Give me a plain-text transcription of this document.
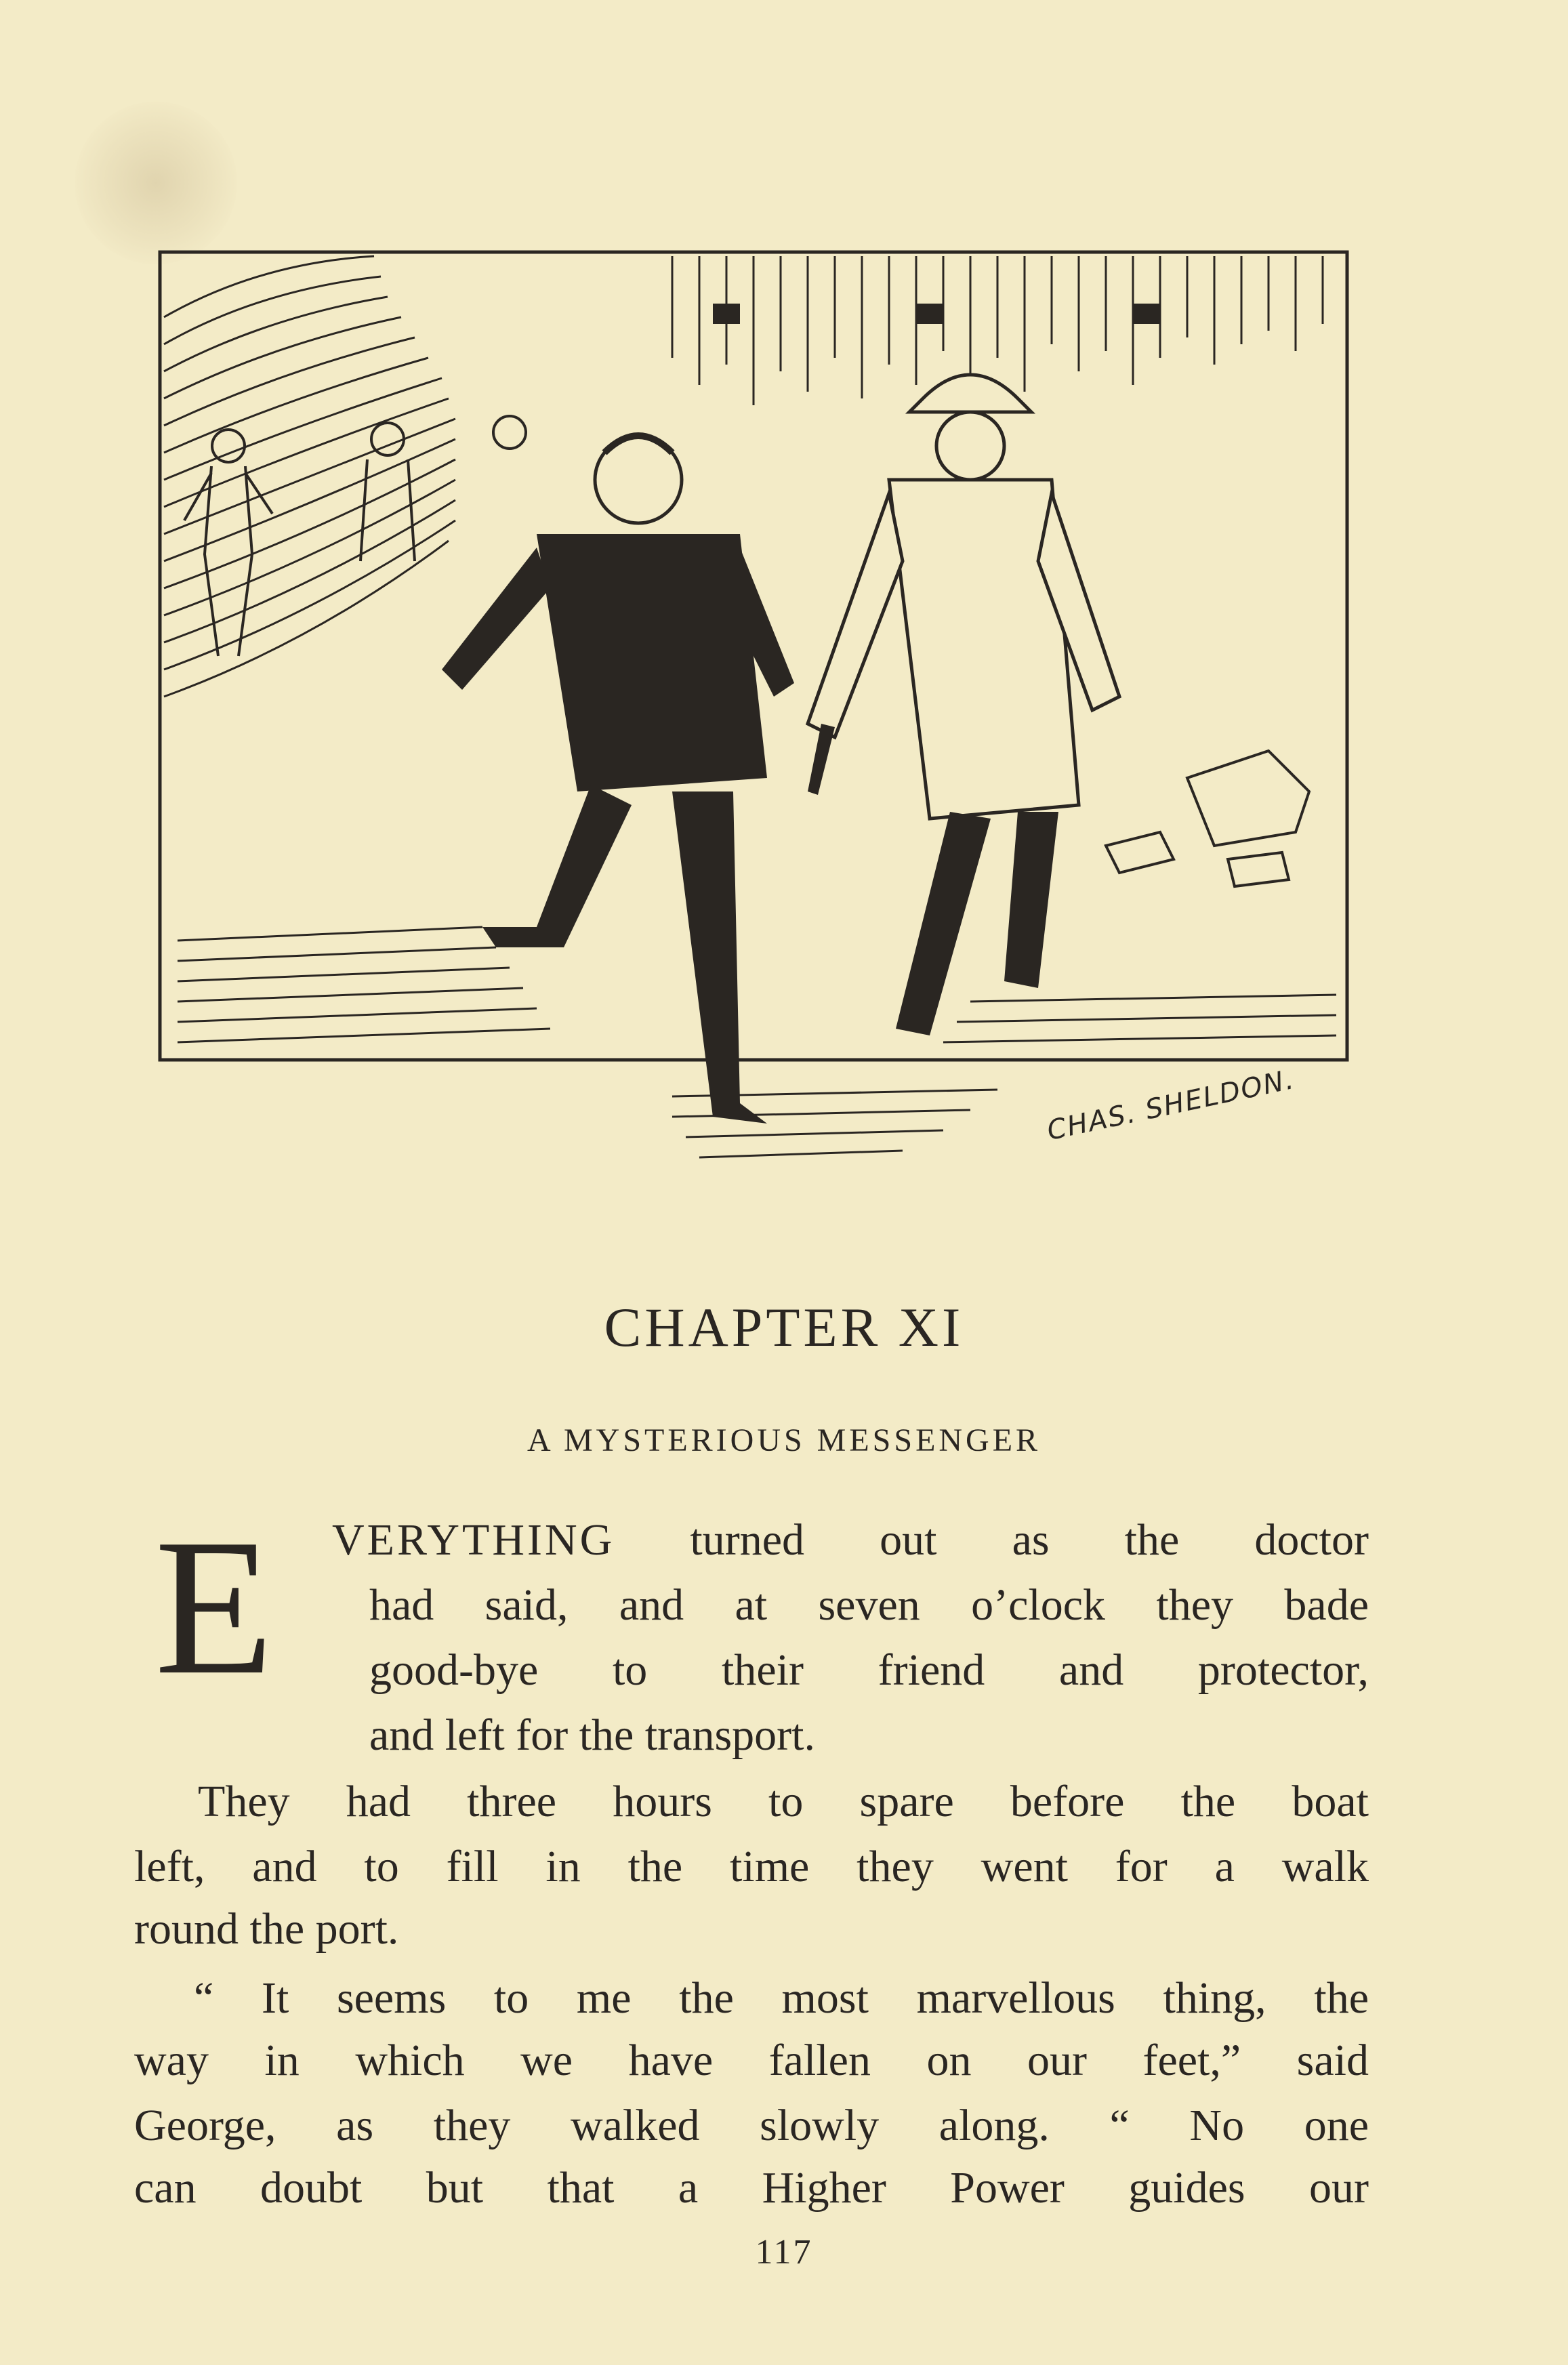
CHAS. SHELDON.
CHAPTER XI
A MYSTERIOUS MESSENGER
E VERYTHING turned out as the doctor
had said, and at seven o’clock they bade
good-bye to their friend and protector,
and left for the transport.
They had three hours to spare before the boat
left, and to fill in the time they went for a walk
round the port.
“ It seems to me the most marvellous thing, the
way in which we have fallen on our feet,” said
George, as they walked slowly along. “ No one
can doubt but that a Higher Power guides our
117
